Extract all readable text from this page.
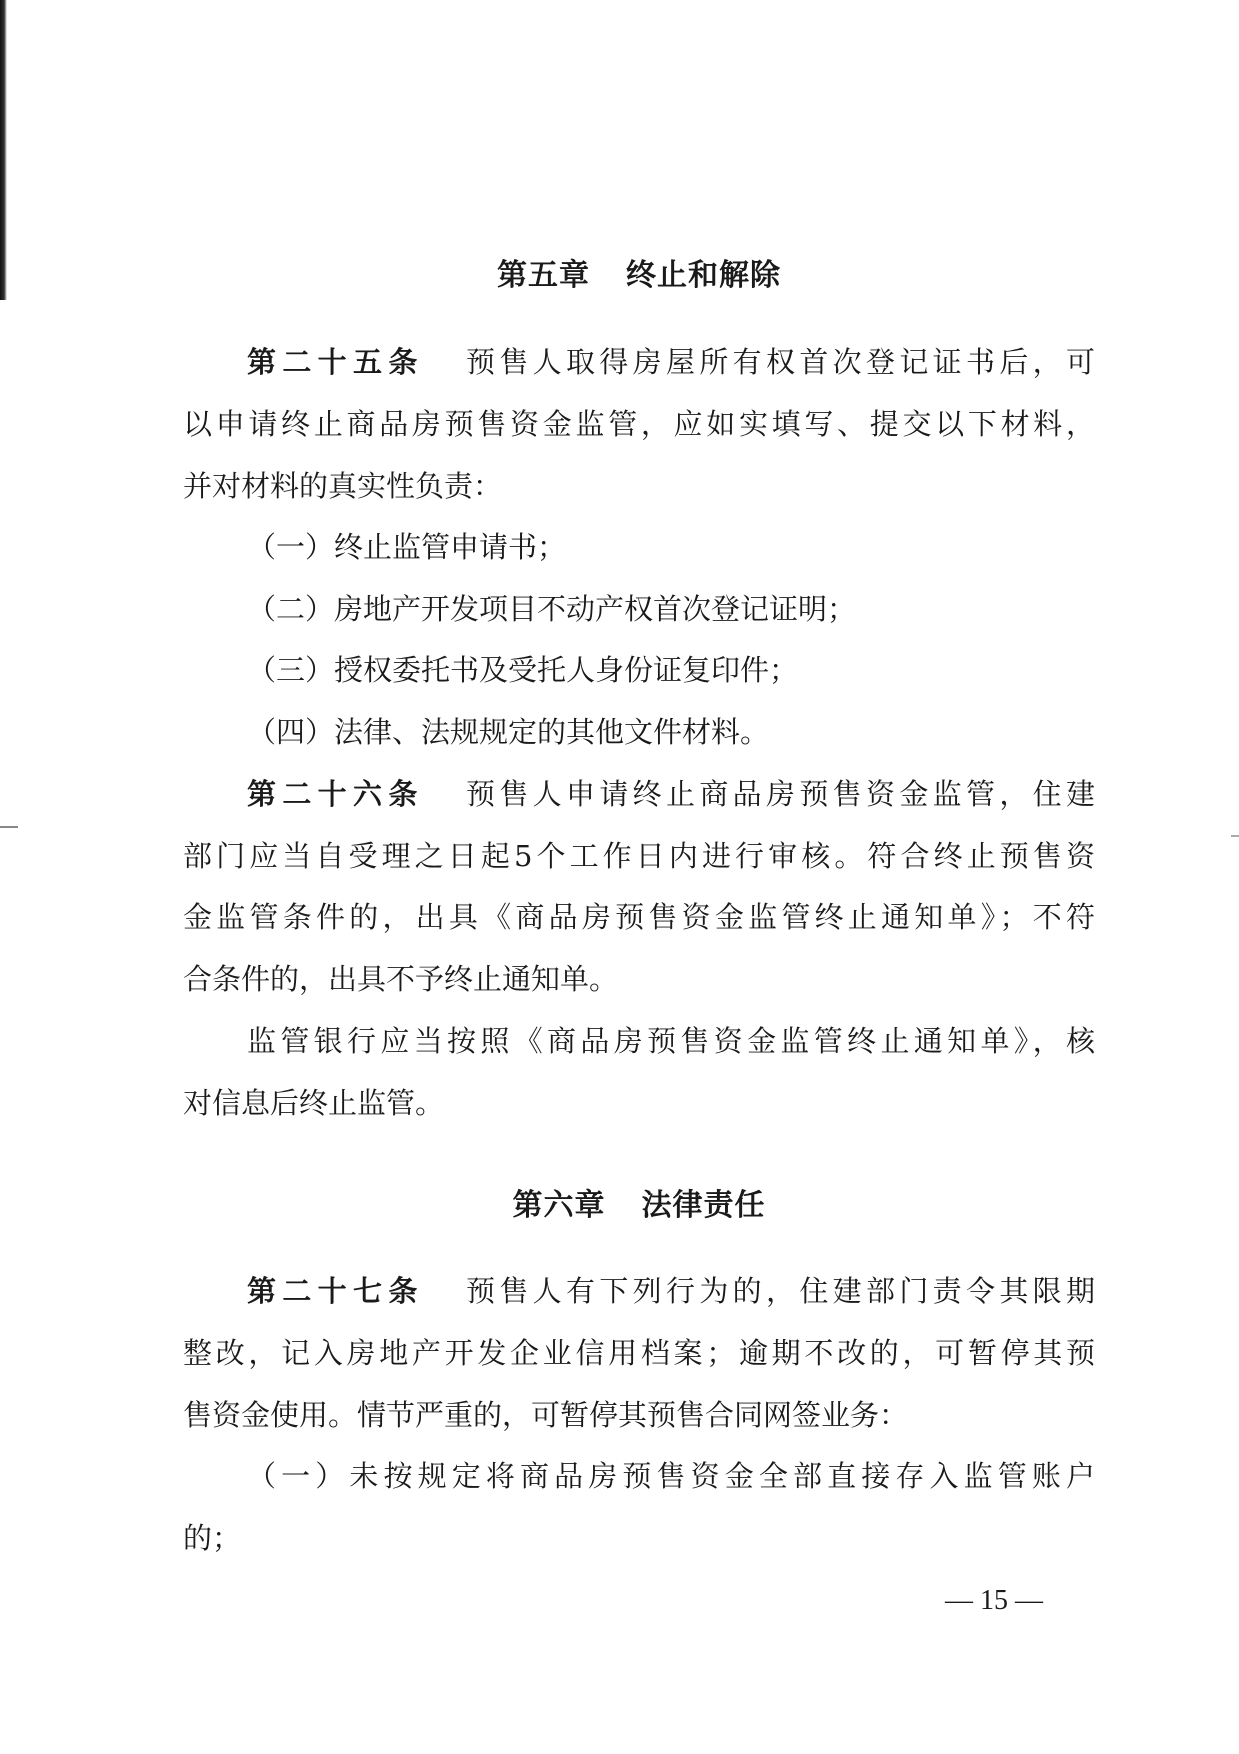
第五章 终止和解除
第二十五条 预售人取得房屋所有权首次登记证书后，可
以申请终止商品房预售资金监管，应如实填写、提交以下材料，
并对材料的真实性负责：
（一）终止监管申请书；
（二）房地产开发项目不动产权首次登记证明；
（三）授权委托书及受托人身份证复印件；
（四）法律、法规规定的其他文件材料。
第二十六条 预售人申请终止商品房预售资金监管，住建
部门应当自受理之日起5个工作日内进行审核。符合终止预售资
金监管条件的，出具《商品房预售资金监管终止通知单》；不符
合条件的，出具不予终止通知单。
监管银行应当按照《商品房预售资金监管终止通知单》，核
对信息后终止监管。
第六章 法律责任
第二十七条 预售人有下列行为的，住建部门责令其限期
整改，记入房地产开发企业信用档案；逾期不改的，可暂停其预
售资金使用。情节严重的，可暂停其预售合同网签业务：
（一）未按规定将商品房预售资金全部直接存入监管账户
的；
— 15 —
